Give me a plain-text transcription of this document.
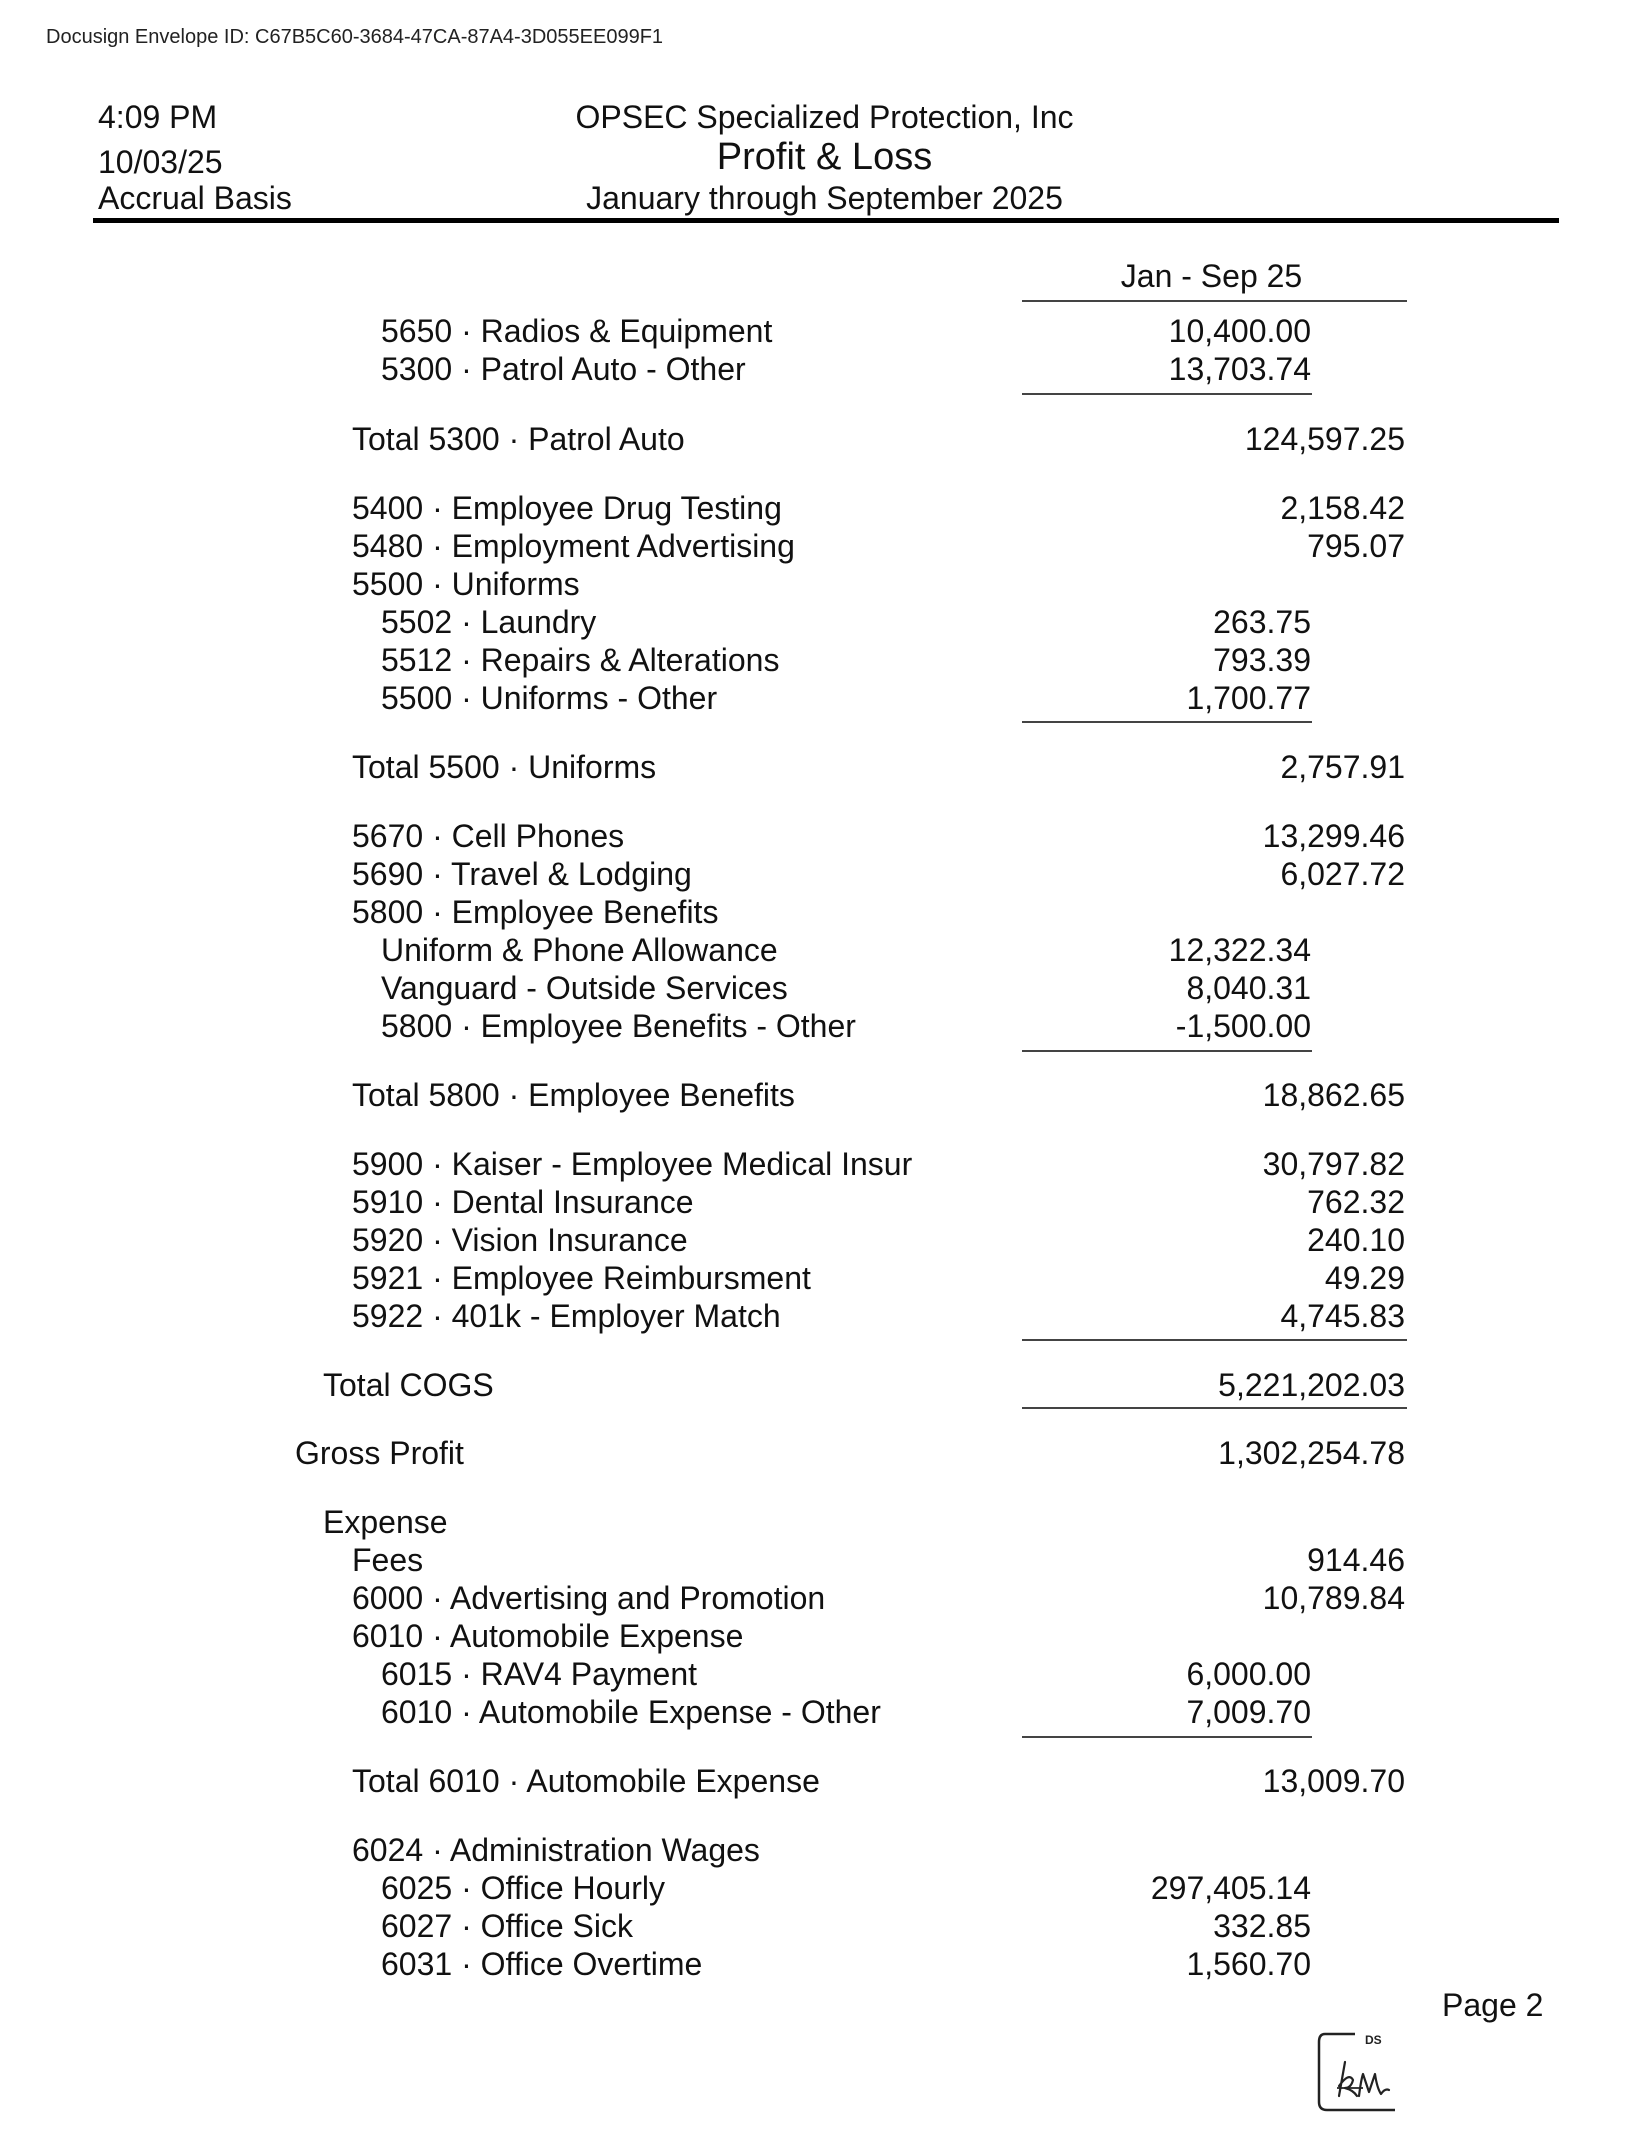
Docusign Envelope ID: C67B5C60-3684-47CA-87A4-3D055EE099F1
4:09 PM
10/03/25
Accrual Basis
OPSEC Specialized Protection, Inc
Profit & Loss
January through September 2025
Jan - Sep 25
5650 · Radios & Equipment	10,400.00
5300 · Patrol Auto - Other	13,703.74
Total 5300 · Patrol Auto	124,597.25
5400 · Employee Drug Testing	2,158.42
5480 · Employment Advertising	795.07
5500 · Uniforms
5502 · Laundry	263.75
5512 · Repairs & Alterations	793.39
5500 · Uniforms - Other	1,700.77
Total 5500 · Uniforms	2,757.91
5670 · Cell Phones	13,299.46
5690 · Travel & Lodging	6,027.72
5800 · Employee Benefits
Uniform & Phone Allowance	12,322.34
Vanguard - Outside Services	8,040.31
5800 · Employee Benefits - Other	-1,500.00
Total 5800 · Employee Benefits	18,862.65
5900 · Kaiser - Employee Medical Insur	30,797.82
5910 · Dental Insurance	762.32
5920 · Vision Insurance	240.10
5921 · Employee Reimbursment	49.29
5922 · 401k - Employer Match	4,745.83
Total COGS	5,221,202.03
Gross Profit	1,302,254.78
Expense
Fees	914.46
6000 · Advertising and Promotion	10,789.84
6010 · Automobile Expense
6015 · RAV4 Payment	6,000.00
6010 · Automobile Expense - Other	7,009.70
Total 6010 · Automobile Expense	13,009.70
6024 · Administration Wages
6025 · Office Hourly	297,405.14
6027 · Office Sick	332.85
6031 · Office Overtime	1,560.70
Page 2
DS
